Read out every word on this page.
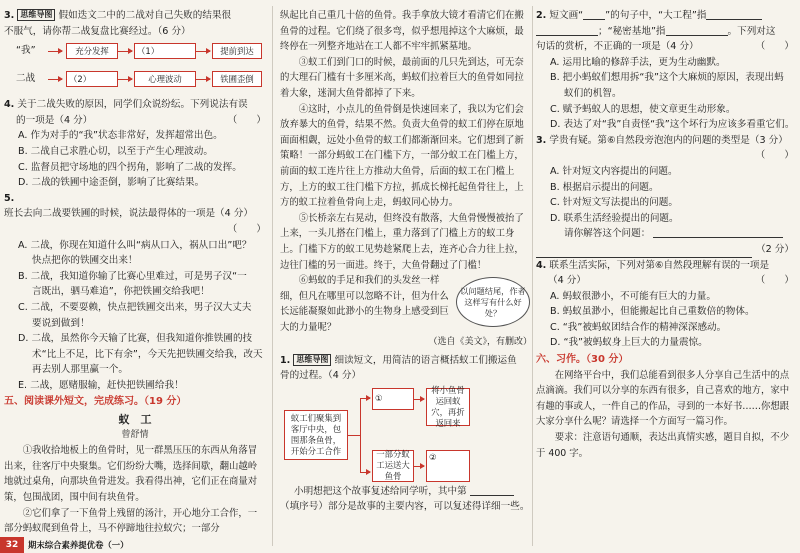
3. 思维导图 假如迭文二中的二战对自己失败的结果很
不服气，请你帮二战复盘比赛经过。（6 分）
“我”	充分发挥	（1）	提前到达
二战	（2）	心理波动	铁圃歪倒
4. 关于二战失败的原因，同学们众说纷纭。下列说法有误
的一项是（4 分）	（　　）
A. 作为对手的“我”状态非常好，发挥超常出色。
B. 二战自己求胜心切，以至于产生心理波动。
C. 监督员把守场地的四个拐角，影响了二战的发挥。
D. 二战的铁圃中途歪倒，影响了比赛结果。
5. 班长去向二战要铁圃的时候，说法最得体的一项是（4 分）
（　　）
A. 二战，你现在知道什么叫“病从口入，祸从口出”吧？
快点把你的铁圃交出来！
B. 二战，我知道你输了比赛心里难过，可是男子汉“一
言既出，驷马难追”，你把铁圃交给我吧！
C. 二战，不要耍赖，快点把铁圃交出来，男子汉大丈夫
要说到做到！
D. 二战，虽然你今天输了比赛，但我知道你推铁圃的技
术“比上不足，比下有余”，今天先把铁圃交给我，改天
再去别人那里赢一个。
E. 二战，愿赌服输，赶快把铁圃给我！
五、阅读课外短文，完成练习。（19 分）
蚁　工
曾舒情
①我收拾地板上的鱼骨时，见一群黑压压的东西从角落冒出来，往客厅中央聚集。它们纷纷大嘴，选择间歇，翻山越岭地就过桌角，向那块鱼骨进发。我看得出神，它们正在商量对策，包围战团，围中间有块鱼骨。
②它们拿了一下鱼骨上残留的汤汁，开心地分工合作，一部分蚂蚁爬到鱼骨上，马不停蹄地往拉蚁穴；一部分
纵起比自己重几十倍的鱼骨。我手拿放大镜才看清它们在搬鱼骨的过程。它们绕了很多弯，似乎想甩掉这个大麻烦，最终停在一列整齐地站在工人都不牢牢抓紧墓地。
③蚁工们到门口的时候，最前面的几只先到达，可无奈的大理石门槛有十多厘米高，蚂蚁们拉着巨大的鱼骨如同拉着大象，迷洞大鱼骨都掉了下来。
④这时，小点儿的鱼骨倒是快速回来了，我以为它们会放弃暴大的鱼骨，结果不然。负责大鱼骨的蚁工们停在原地面面相觑，远处小鱼骨的蚁工们都渐渐回来。它们想到了新策略！一部分蚂蚁工在门槛下方，一部分蚁工在门槛上方，前面的蚁工连片往上方推动大鱼骨，后面的蚁工在门槛上方，上方的蚁工往门槛下方拉，抓成长梯托起鱼骨往上，上方的蚁工拉着鱼骨向上走，蚂蚁同心协力。
⑤长桥亲左右晃动，但终没有散落，大鱼骨慢慢被抬了上来，一头儿搭在门槛上，重力落到了门槛上方的蚁工身上。门槛下方的蚁工见势趁紧爬上去，连齐心合力往上拉，边往门槛的另一面进。终于，大鱼骨翻过了门槛！
⑥蚂蚁的手足和我们的头发丝一样细，但凡在哪里可以忽略不计，但为什么长远能凝聚如此渺小的生物身上感受到巨大的力量呢？
以问题结尾，作者这样写有什么好处？
（选自《美文》，有删改）
1. 思维导图 细读短文，用简洁的语言概括蚁工们搬运鱼
骨的过程。（4 分）
蚁工们聚集到客厅中央，包围那条鱼骨，开始分工合作
①
将小鱼骨运回蚁穴，再折返回来
一部分蚁工运送大鱼骨
②
小明想把这个故事复述给同学听，其中第
（填序号）部分是故事的主要内容，可以复述得详细一些。
2. 短文画“ ”的句子中，“大工程”指
；“秘密基地”指	。下列对这
句话的赏析，不正确的一项是（4 分）	（　　）
A. 运用比喻的修辞手法，更为生动幽默。
B. 把小蚂蚁们想用拆“我”这个大麻烦的原因，表现出蚂
蚁们的机智。
C. 赋予蚂蚁人的思想，使文章更生动形象。
D. 表达了对“我”自责怪“我”这个坏行为应该多看重它们。
3. 学贵有疑。第⑥自然段旁泡泡内的问题的类型是（3 分）
（　　）
A. 针对短文内容提出的问题。
B. 根据启示提出的问题。
C. 针对短文写法提出的问题。
D. 联系生活经验提出的问题。
请你解答这个问题：
（2 分）
4. 联系生活实际，下列对第⑥自然段理解有误的一项是
（4 分）	（　　）
A. 蚂蚁很渺小，不可能有巨大的力量。
B. 蚂蚁虽渺小，但能搬起比自己重数倍的物体。
C. “我”被蚂蚁团结合作的精神深深感动。
D. “我”被蚂蚁身上巨大的力量震惊。
六、习作。（30 分）
在网络平台中，我们总能看到很多人分享自己生活中的点点滴滴。我们可以分享的东西有很多，自己喜欢的地方，家中有趣的事或人，一件自己的作品，寻到的一本好书……你想跟大家分享什么呢？请选择一个方面写一篇习作。
要求：注意语句通顺，表达出真情实感，题目自拟，不少于 400 字。
32	期末综合素养提优卷（一）
